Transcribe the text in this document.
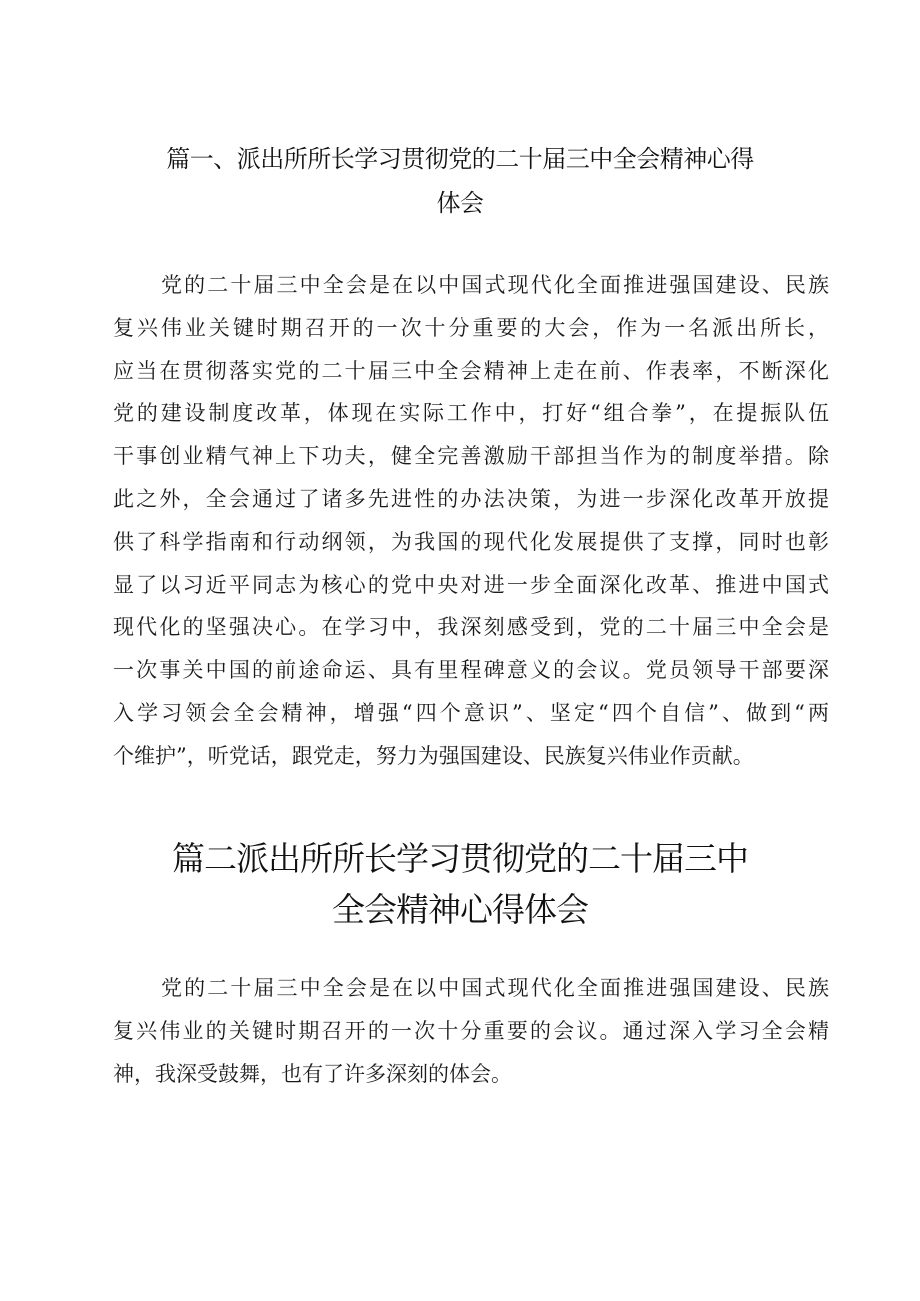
篇一、派出所所长学习贯彻党的二十届三中全会精神心得
体会
党的二十届三中全会是在以中国式现代化全面推进强国建设、民族
复兴伟业关键时期召开的一次十分重要的大会，作为一名派出所长，
应当在贯彻落实党的二十届三中全会精神上走在前、作表率，不断深化
党的建设制度改革，体现在实际工作中，打好“组合拳”，在提振队伍
干事创业精气神上下功夫，健全完善激励干部担当作为的制度举措。除
此之外，全会通过了诸多先进性的办法决策，为进一步深化改革开放提
供了科学指南和行动纲领，为我国的现代化发展提供了支撑，同时也彰
显了以习近平同志为核心的党中央对进一步全面深化改革、推进中国式
现代化的坚强决心。在学习中，我深刻感受到，党的二十届三中全会是
一次事关中国的前途命运、具有里程碑意义的会议。党员领导干部要深
入学习领会全会精神，增强“四个意识”、坚定“四个自信”、做到“两
个维护”，听党话，跟党走，努力为强国建设、民族复兴伟业作贡献。
篇二派出所所长学习贯彻党的二十届三中
全会精神心得体会
党的二十届三中全会是在以中国式现代化全面推进强国建设、民族
复兴伟业的关键时期召开的一次十分重要的会议。通过深入学习全会精
神，我深受鼓舞，也有了许多深刻的体会。
